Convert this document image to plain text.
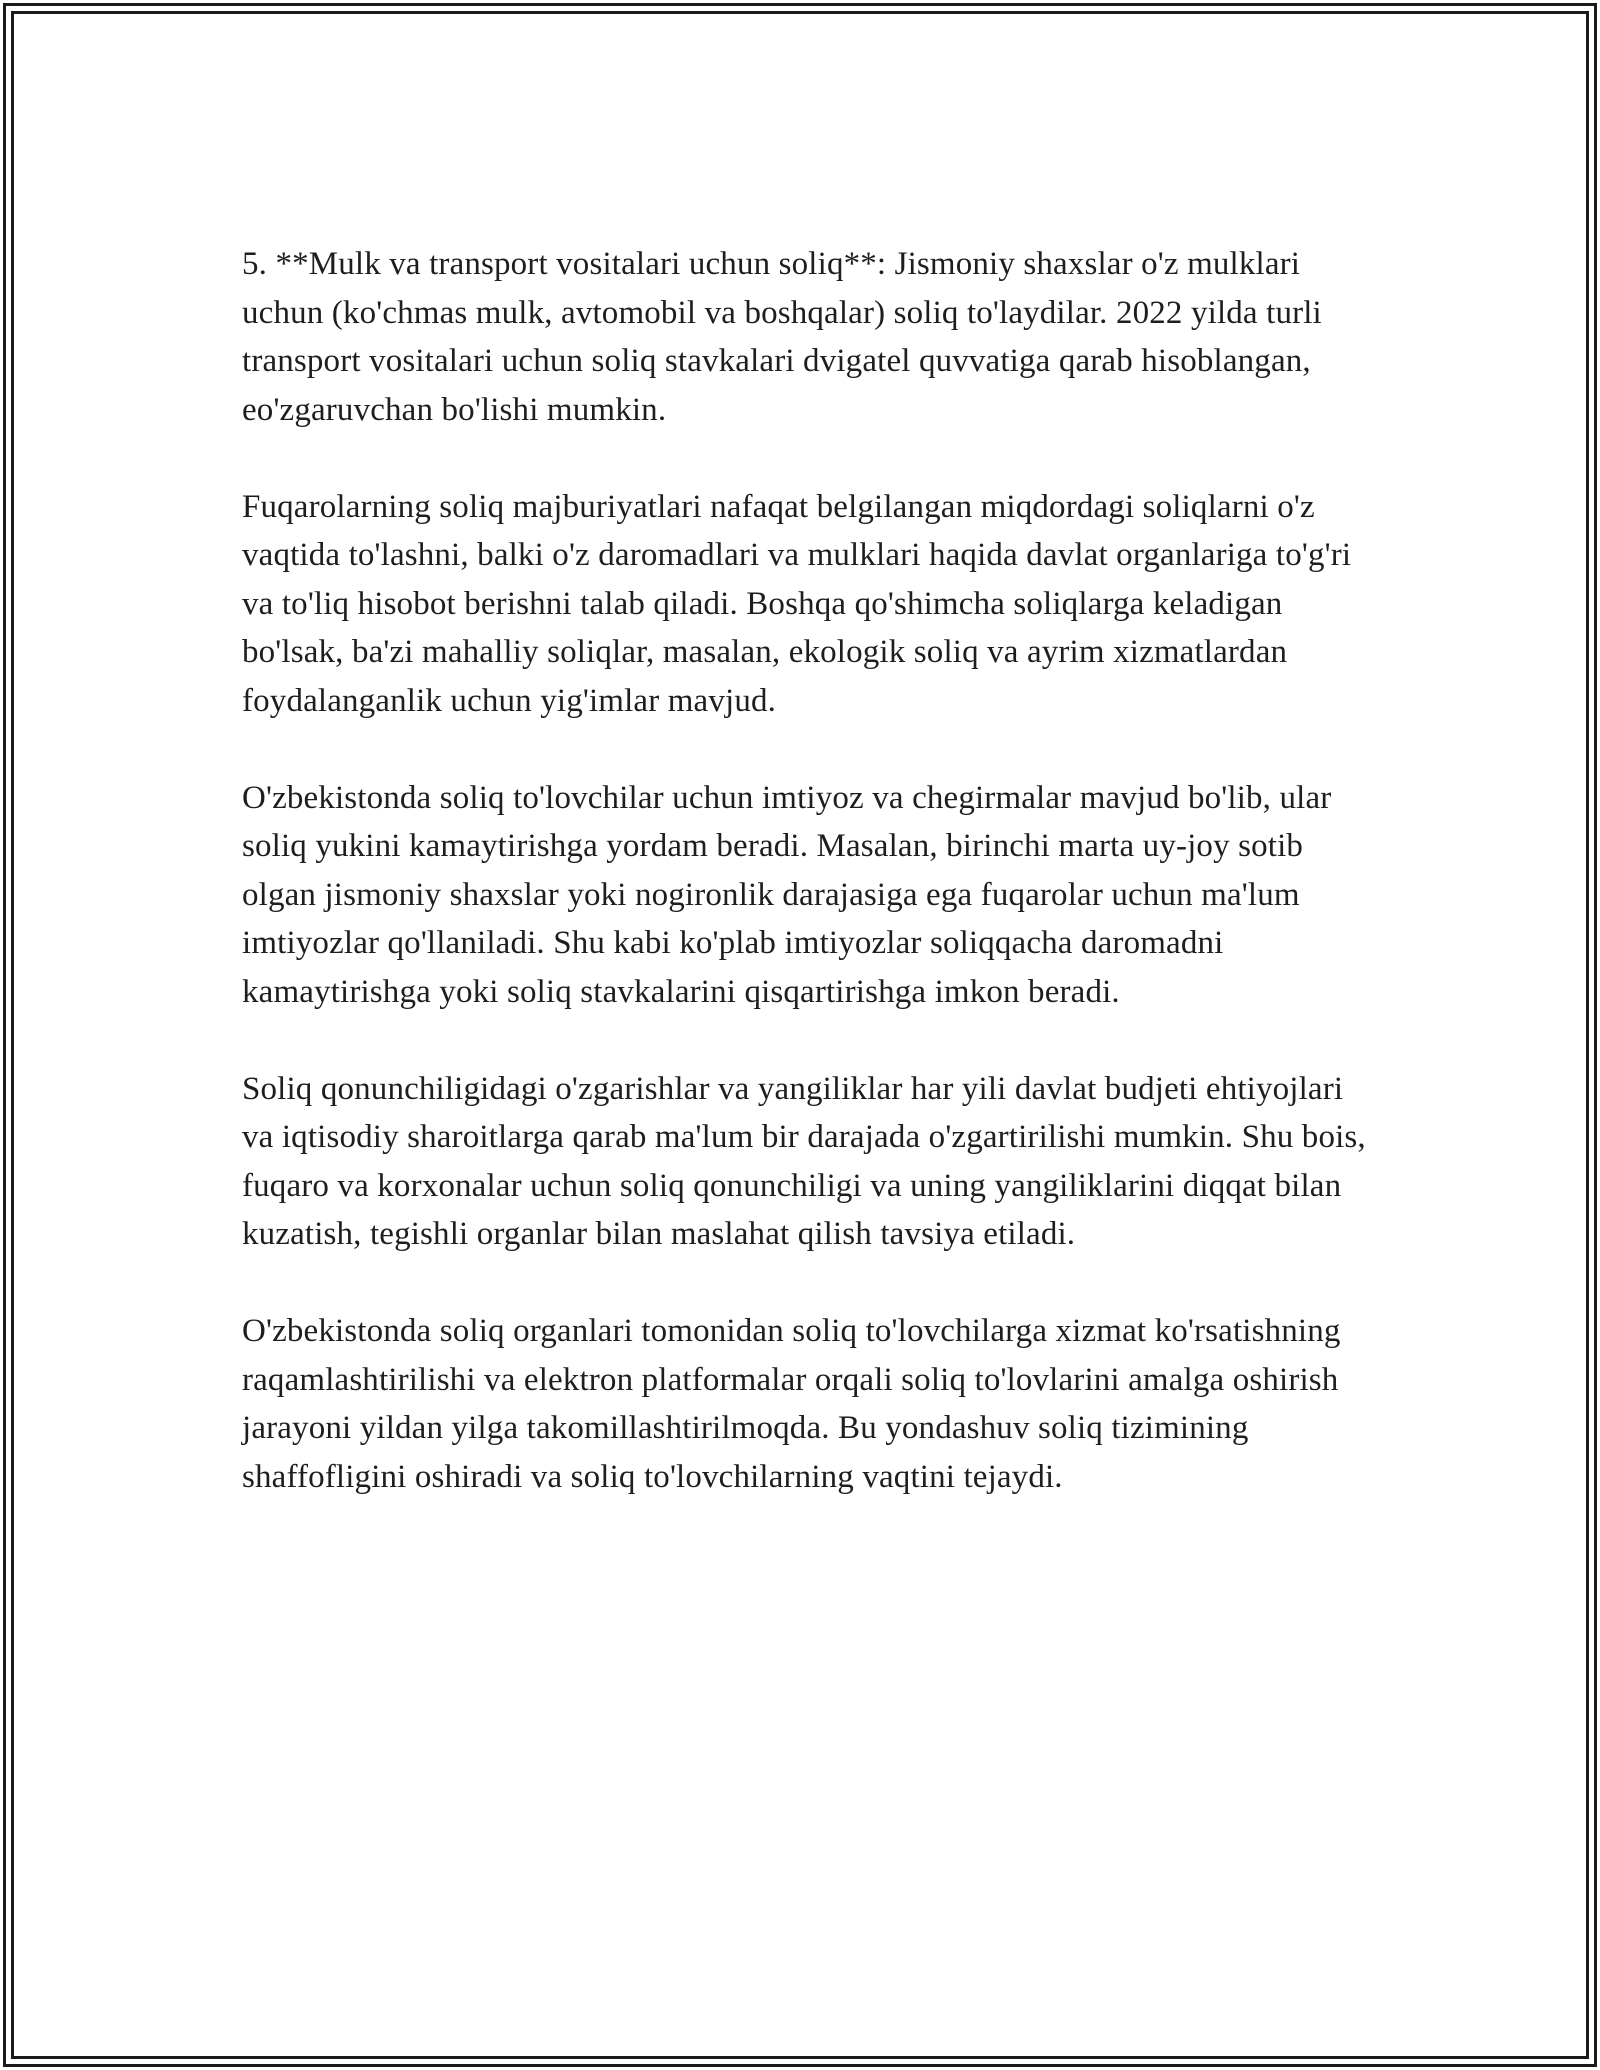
5. **Mulk va transport vositalari uchun soliq**: Jismoniy shaxslar o'z mulklari uchun (ko'chmas mulk, avtomobil va boshqalar) soliq to'laydilar. 2022 yilda turli transport vositalari uchun soliq stavkalari dvigatel quvvatiga qarab hisoblangan, eo'zgaruvchan bo'lishi mumkin.

Fuqarolarning soliq majburiyatlari nafaqat belgilangan miqdordagi soliqlarni o'z vaqtida to'lashni, balki o'z daromadlari va mulklari haqida davlat organlariga to'g'ri va to'liq hisobot berishni talab qiladi. Boshqa qo'shimcha soliqlarga keladigan bo'lsak, ba'zi mahalliy soliqlar, masalan, ekologik soliq va ayrim xizmatlardan foydalanganlik uchun yig'imlar mavjud.

O'zbekistonda soliq to'lovchilar uchun imtiyoz va chegirmalar mavjud bo'lib, ular soliq yukini kamaytirishga yordam beradi. Masalan, birinchi marta uy-joy sotib olgan jismoniy shaxslar yoki nogironlik darajasiga ega fuqarolar uchun ma'lum imtiyozlar qo'llaniladi. Shu kabi ko'plab imtiyozlar soliqqacha daromadni kamaytirishga yoki soliq stavkalarini qisqartirishga imkon beradi.

Soliq qonunchiligidagi o'zgarishlar va yangiliklar har yili davlat budjeti ehtiyojlari va iqtisodiy sharoitlarga qarab ma'lum bir darajada o'zgartirilishi mumkin. Shu bois, fuqaro va korxonalar uchun soliq qonunchiligi va uning yangiliklarini diqqat bilan kuzatish, tegishli organlar bilan maslahat qilish tavsiya etiladi.

O'zbekistonda soliq organlari tomonidan soliq to'lovchilarga xizmat ko'rsatishning raqamlashtirilishi va elektron platformalar orqali soliq to'lovlarini amalga oshirish jarayoni yildan yilga takomillashtirilmoqda. Bu yondashuv soliq tizimining shaffofligini oshiradi va soliq to'lovchilarning vaqtini tejaydi.
